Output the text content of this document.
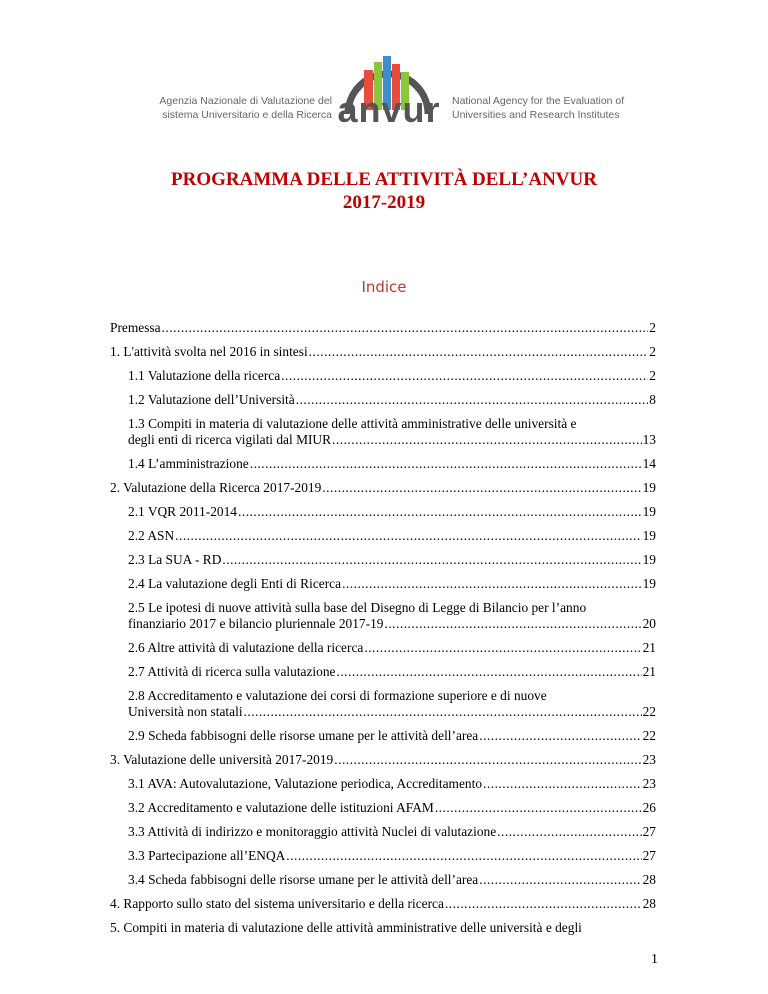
Agenzia Nazionale di Valutazione del
sistema Universitario e della Ricerca anvur	National Agency for the Evaluation of
Universities and Research Institutes
PROGRAMMA DELLE ATTIVITÀ DELL’ANVUR
2017-2019
Indice
Premessa .....	2
1. L'attività svolta nel 2016 in sintesi .....	2
1.1 Valutazione della ricerca .....	2
1.2 Valutazione dell’Università .....	8
1.3 Compiti in materia di valutazione delle attività amministrative delle università e
degli enti di ricerca vigilati dal MIUR .....	13
1.4 L’amministrazione .....	14
2. Valutazione della Ricerca 2017-2019 .....	19
2.1 VQR 2011-2014 .....	19
2.2 ASN .....	19
2.3 La SUA - RD .....	19
2.4 La valutazione degli Enti di Ricerca .....	19
2.5 Le ipotesi di nuove attività sulla base del Disegno di Legge di Bilancio per l’anno
finanziario 2017 e bilancio pluriennale 2017-19 .....	20
2.6 Altre attività di valutazione della ricerca .....	21
2.7 Attività di ricerca sulla valutazione .....	21
2.8 Accreditamento e valutazione dei corsi di formazione superiore e di nuove
Università non statali .....	22
2.9 Scheda fabbisogni delle risorse umane per le attività dell’area .....	22
3. Valutazione delle università 2017-2019 .....	23
3.1 AVA: Autovalutazione, Valutazione periodica, Accreditamento .....	23
3.2 Accreditamento e valutazione delle istituzioni AFAM .....	26
3.3 Attività di indirizzo e monitoraggio attività Nuclei di valutazione .....	27
3.3 Partecipazione all’ENQA .....	27
3.4 Scheda fabbisogni delle risorse umane per le attività dell’area .....	28
4. Rapporto sullo stato del sistema universitario e della ricerca .....	28
5. Compiti in materia di valutazione delle attività amministrative delle università e degli
1
